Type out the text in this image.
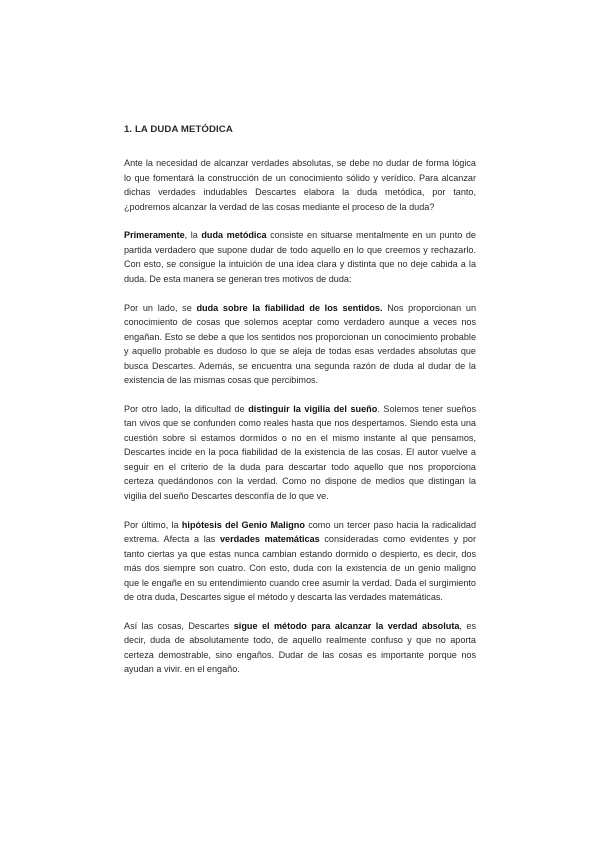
1. LA DUDA METÓDICA

Ante la necesidad de alcanzar verdades absolutas, se debe no dudar de forma lógica lo que fomentará la construcción de un conocimiento sólido y verídico. Para alcanzar dichas verdades indudables Descartes elabora la duda metódica, por tanto, ¿podremos alcanzar la verdad de las cosas mediante el proceso de la duda?

Primeramente, la duda metódica consiste en situarse mentalmente en un punto de partida verdadero que supone dudar de todo aquello en lo que creemos y rechazarlo. Con esto, se consigue la intuición de una idea clara y distinta que no deje cabida a la duda. De esta manera se generan tres motivos de duda:

Por un lado, se duda sobre la fiabilidad de los sentidos. Nos proporcionan un conocimiento de cosas que solemos aceptar como verdadero aunque a veces nos engañan. Esto se debe a que los sentidos nos proporcionan un conocimiento probable y aquello probable es dudoso lo que se aleja de todas esas verdades absolutas que busca Descartes. Además, se encuentra una segunda razón de duda al dudar de la existencia de las mismas cosas que percibimos.

Por otro lado, la dificultad de distinguir la vigilia del sueño. Solemos tener sueños tan vivos que se confunden como reales hasta que nos despertamos. Siendo esta una cuestión sobre si estamos dormidos o no en el mismo instante al que pensamos, Descartes incide en la poca fiabilidad de la existencia de las cosas. El autor vuelve a seguir en el criterio de la duda para descartar todo aquello que nos proporciona certeza quedándonos con la verdad. Como no dispone de medios que distingan la vigilia del sueño Descartes desconfía de lo que ve.

Por último, la hipótesis del Genio Maligno como un tercer paso hacia la radicalidad extrema. Afecta a las verdades matemáticas consideradas como evidentes y por tanto ciertas ya que estas nunca cambian estando dormido o despierto, es decir, dos más dos siempre son cuatro. Con esto, duda con la existencia de un genio maligno que le engañe en su entendimiento cuando cree asumir la verdad. Dada el surgimiento de otra duda, Descartes sigue el método y descarta las verdades matemáticas.

Así las cosas, Descartes sigue el método para alcanzar la verdad absoluta, es decir, duda de absolutamente todo, de aquello realmente confuso y que no aporta certeza demostrable, sino engaños. Dudar de las cosas es importante porque nos ayudan a vivir. en el engaño.
